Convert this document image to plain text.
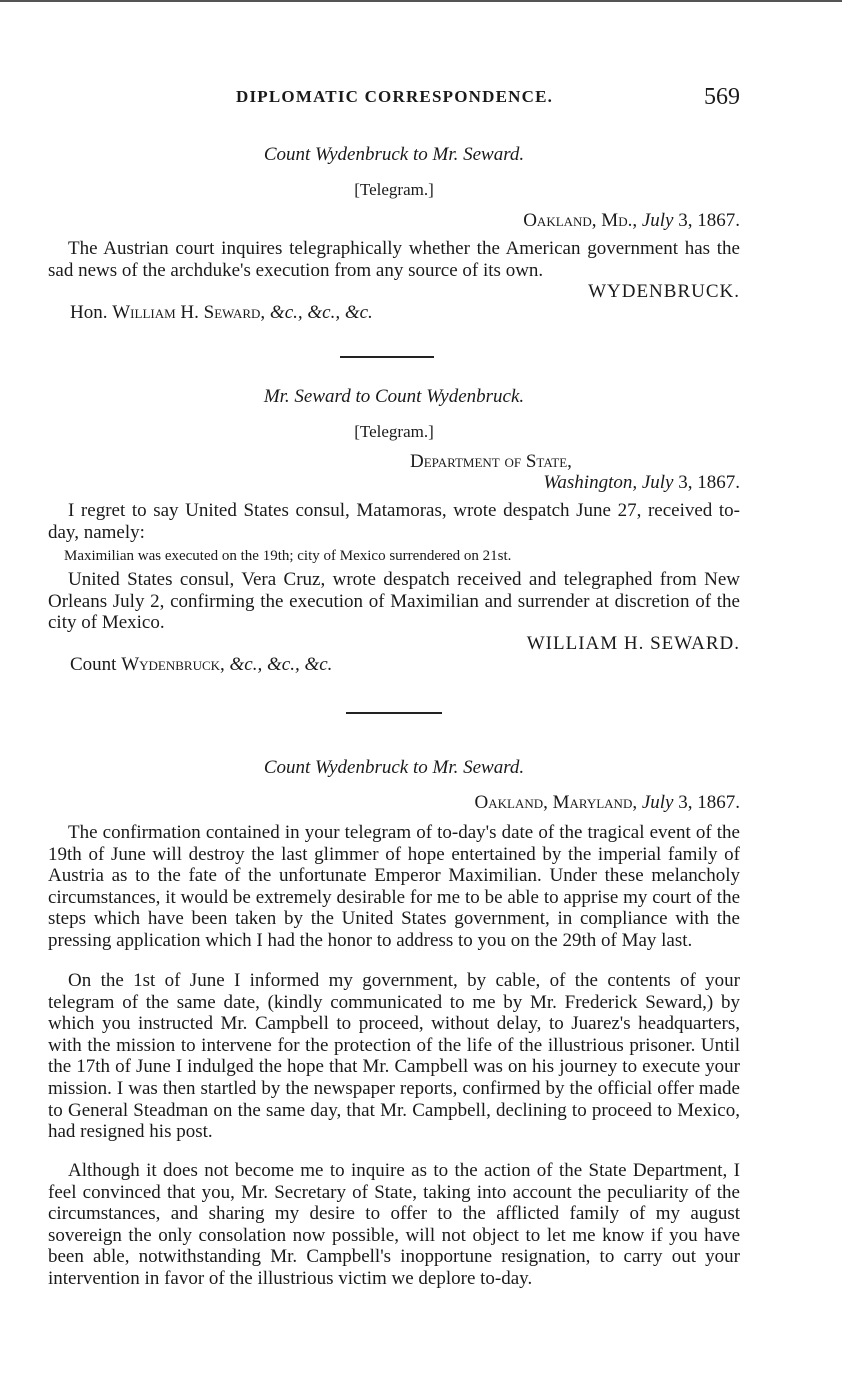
DIPLOMATIC CORRESPONDENCE.	569
Count Wydenbruck to Mr. Seward.
[Telegram.]
Oakland, Md., July 3, 1867.

The Austrian court inquires telegraphically whether the American government has the sad news of the archduke's execution from any source of its own.

WYDENBRUCK.
Hon. William H. Seward, &c., &c., &c.
Mr. Seward to Count Wydenbruck.
[Telegram.]
Department of State,
Washington, July 3, 1867.

I regret to say United States consul, Matamoras, wrote despatch June 27, received to-day, namely:

Maximilian was executed on the 19th; city of Mexico surrendered on 21st.

United States consul, Vera Cruz, wrote despatch received and telegraphed from New Orleans July 2, confirming the execution of Maximilian and surrender at discretion of the city of Mexico.

WILLIAM H. SEWARD.
Count Wydenbruck, &c., &c., &c.
Count Wydenbruck to Mr. Seward.
Oakland, Maryland, July 3, 1867.

The confirmation contained in your telegram of to-day's date of the tragical event of the 19th of June will destroy the last glimmer of hope entertained by the imperial family of Austria as to the fate of the unfortunate Emperor Maximilian. Under these melancholy circumstances, it would be extremely desirable for me to be able to apprise my court of the steps which have been taken by the United States government, in compliance with the pressing application which I had the honor to address to you on the 29th of May last.

On the 1st of June I informed my government, by cable, of the contents of your telegram of the same date, (kindly communicated to me by Mr. Frederick Seward,) by which you instructed Mr. Campbell to proceed, without delay, to Juarez's headquarters, with the mission to intervene for the protection of the life of the illustrious prisoner. Until the 17th of June I indulged the hope that Mr. Campbell was on his journey to execute your mission. I was then startled by the newspaper reports, confirmed by the official offer made to General Steadman on the same day, that Mr. Campbell, declining to proceed to Mexico, had resigned his post.

Although it does not become me to inquire as to the action of the State Department, I feel convinced that you, Mr. Secretary of State, taking into account the peculiarity of the circumstances, and sharing my desire to offer to the afflicted family of my august sovereign the only consolation now possible, will not object to let me know if you have been able, notwithstanding Mr. Campbell's inopportune resignation, to carry out your intervention in favor of the illustrious victim we deplore to-day.
